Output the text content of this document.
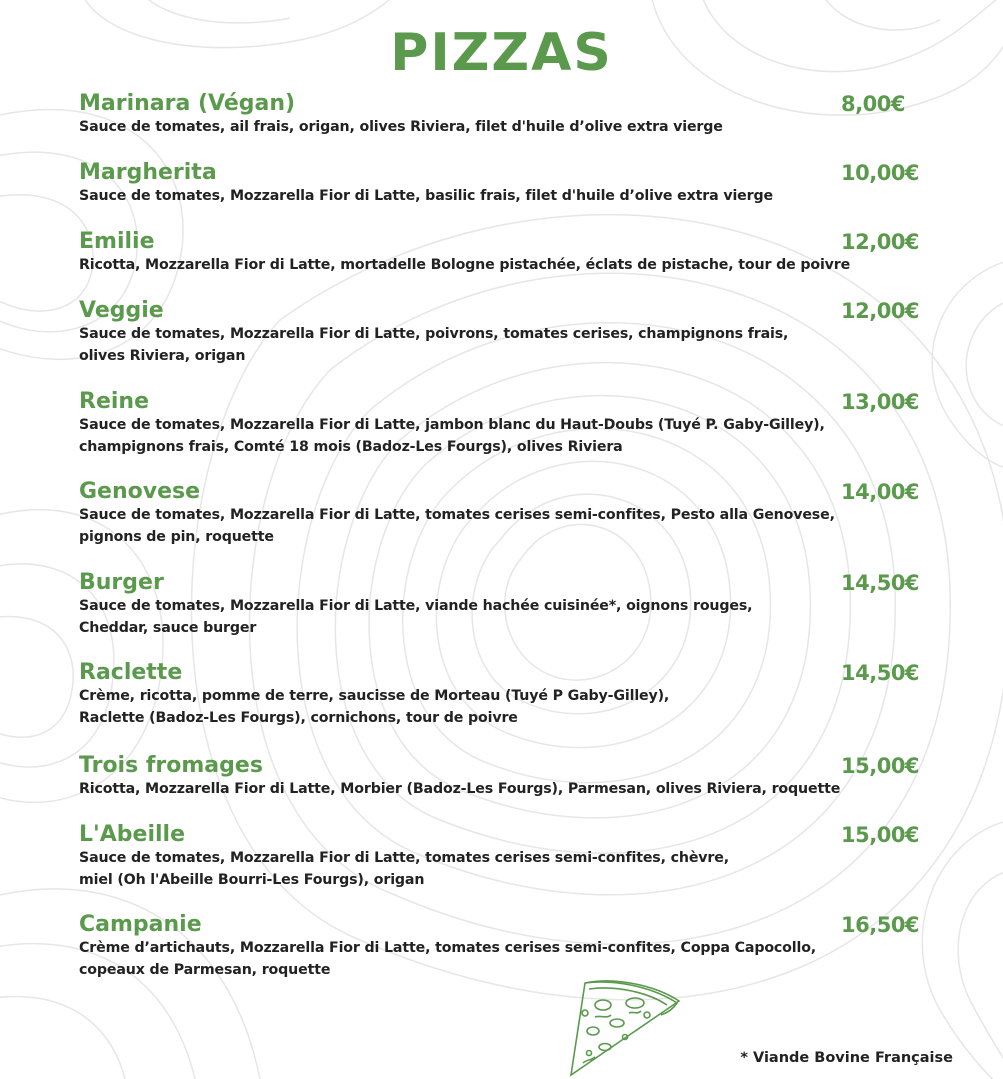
PIZZAS
Marinara (Végan)	8,00€
Sauce de tomates, ail frais, origan, olives Riviera, filet d'huile d’olive extra vierge
Margherita	10,00€
Sauce de tomates, Mozzarella Fior di Latte, basilic frais, filet d'huile d’olive extra vierge
Emilie	12,00€
Ricotta, Mozzarella Fior di Latte, mortadelle Bologne pistachée, éclats de pistache, tour de poivre
Veggie	12,00€
Sauce de tomates, Mozzarella Fior di Latte, poivrons, tomates cerises, champignons frais,
olives Riviera, origan
Reine	13,00€
Sauce de tomates, Mozzarella Fior di Latte, jambon blanc du Haut-Doubs (Tuyé P. Gaby-Gilley),
champignons frais, Comté 18 mois (Badoz-Les Fourgs), olives Riviera
Genovese	14,00€
Sauce de tomates, Mozzarella Fior di Latte, tomates cerises semi-confites, Pesto alla Genovese,
pignons de pin, roquette
Burger	14,50€
Sauce de tomates, Mozzarella Fior di Latte, viande hachée cuisinée*, oignons rouges,
Cheddar, sauce burger
Raclette	14,50€
Crème, ricotta, pomme de terre, saucisse de Morteau (Tuyé P Gaby-Gilley),
Raclette (Badoz-Les Fourgs), cornichons, tour de poivre
Trois fromages	15,00€
Ricotta, Mozzarella Fior di Latte, Morbier (Badoz-Les Fourgs), Parmesan, olives Riviera, roquette
L'Abeille	15,00€
Sauce de tomates, Mozzarella Fior di Latte, tomates cerises semi-confites, chèvre,
miel (Oh l'Abeille Bourri-Les Fourgs), origan
Campanie	16,50€
Crème d’artichauts, Mozzarella Fior di Latte, tomates cerises semi-confites, Coppa Capocollo,
copeaux de Parmesan, roquette
* Viande Bovine Française
